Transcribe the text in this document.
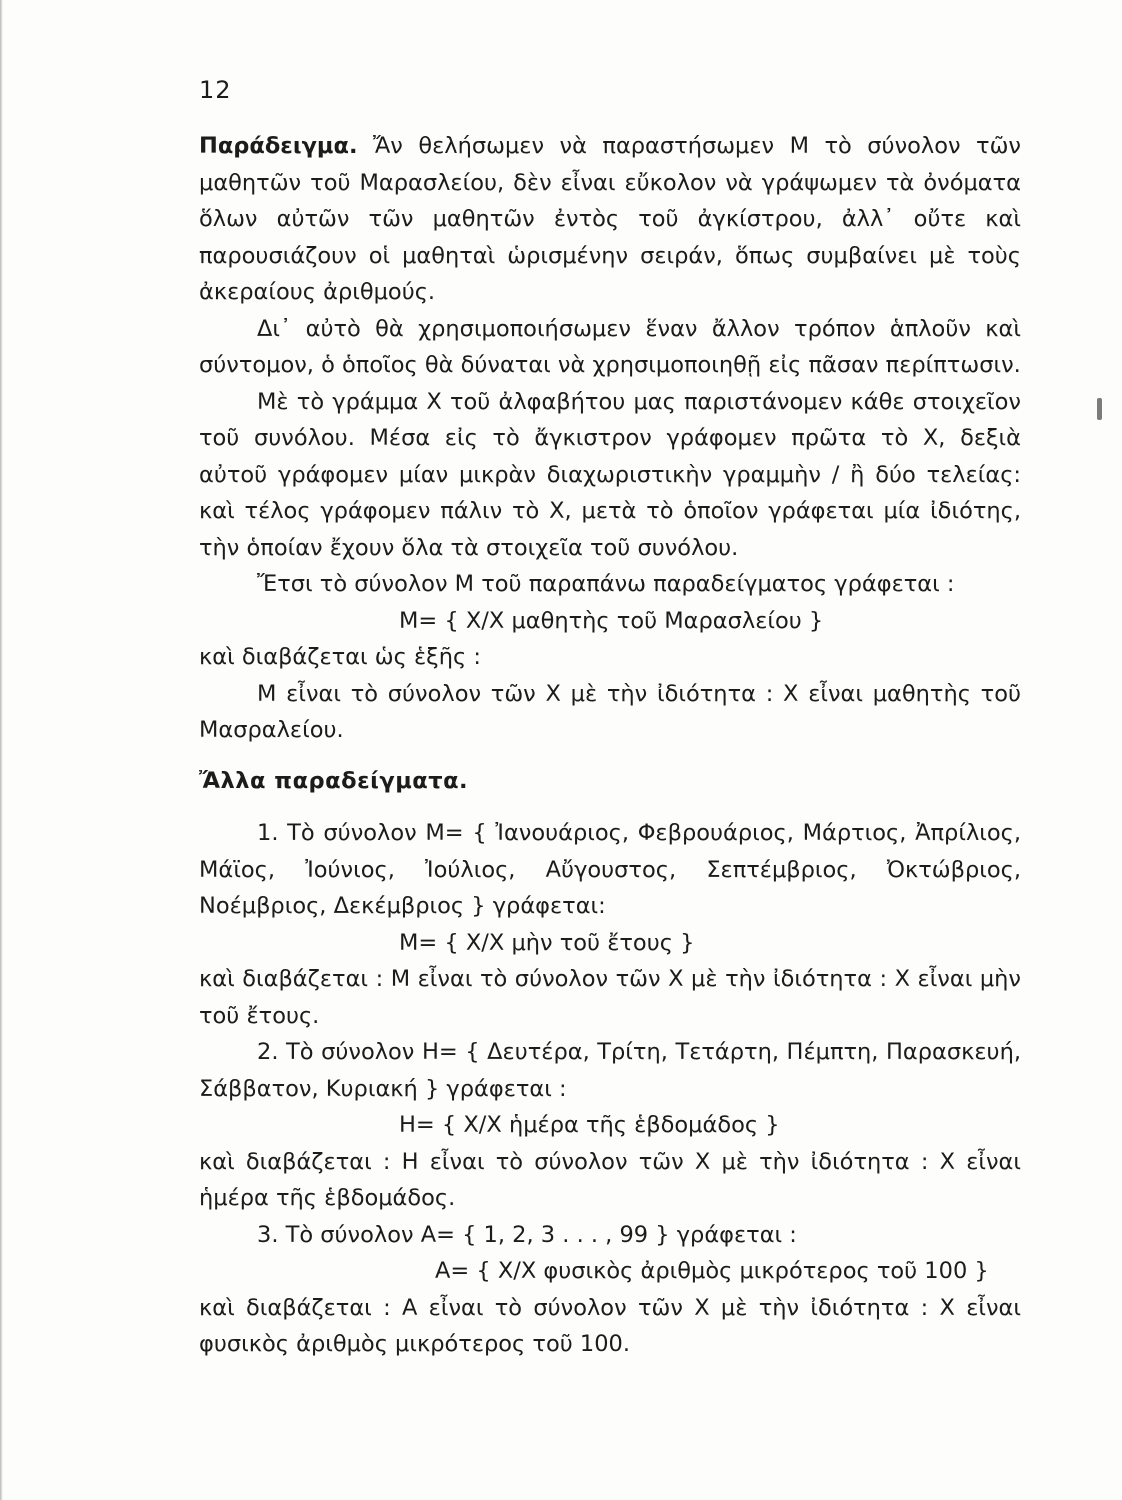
12

Παράδειγμα. Ἄν θελήσωμεν νὰ παραστήσωμεν Μ τὸ σύνολον τῶν μαθητῶν τοῦ Μαρασλείου, δὲν εἶναι εὔκολον νὰ γράψωμεν τὰ ὀνόματα ὅλων αὐτῶν τῶν μαθητῶν ἐντὸς τοῦ ἀγκίστρου, ἀλλ᾿ οὔτε καὶ παρουσιάζουν οἱ μαθηταὶ ὡρισμένην σειράν, ὅπως συμβαίνει μὲ τοὺς ἀκεραίους ἀριθμούς.

Δι᾿ αὐτὸ θὰ χρησιμοποιήσωμεν ἕναν ἄλλον τρόπον ἁπλοῦν καὶ σύντομον, ὁ ὁποῖος θὰ δύναται νὰ χρησιμοποιηθῇ εἰς πᾶσαν περίπτωσιν.

Μὲ τὸ γράμμα Χ τοῦ ἀλφαβήτου μας παριστάνομεν κάθε στοιχεῖον τοῦ συνόλου. Μέσα εἰς τὸ ἄγκιστρον γράφομεν πρῶτα τὸ Χ, δεξιὰ αὐτοῦ γράφομεν μίαν μικρὰν διαχωριστικὴν γραμμὴν / ἢ δύο τελείας: καὶ τέλος γράφομεν πάλιν τὸ Χ, μετὰ τὸ ὁποῖον γράφεται μία ἰδιότης, τὴν ὁποίαν ἔχουν ὅλα τὰ στοιχεῖα τοῦ συνόλου.

Ἔτσι τὸ σύνολον Μ τοῦ παραπάνω παραδείγματος γράφεται :

Μ= { Χ/Χ μαθητὴς τοῦ Μαρασλείου }

καὶ διαβάζεται ὡς ἑξῆς :

Μ εἶναι τὸ σύνολον τῶν Χ μὲ τὴν ἰδιότητα : Χ εἶναι μαθητὴς τοῦ Μασραλείου.

Ἄλλα παραδείγματα.

1. Τὸ σύνολον Μ= { Ἰανουάριος, Φεβρουάριος, Μάρτιος, Ἀπρίλιος, Μάϊος, Ἰούνιος, Ἰούλιος, Αὔγουστος, Σεπτέμβριος, Ὀκτώβριος, Νοέμβριος, Δεκέμβριος } γράφεται:

Μ= { Χ/Χ μὴν τοῦ ἔτους }

καὶ διαβάζεται : Μ εἶναι τὸ σύνολον τῶν Χ μὲ τὴν ἰδιότητα : Χ εἶναι μὴν τοῦ ἔτους.

2. Τὸ σύνολον Η= { Δευτέρα, Τρίτη, Τετάρτη, Πέμπτη, Παρασκευή, Σάββατον, Κυριακή } γράφεται :

Η= { Χ/Χ ἡμέρα τῆς ἑβδομάδος }

καὶ διαβάζεται : Η εἶναι τὸ σύνολον τῶν Χ μὲ τὴν ἰδιότητα : Χ εἶναι ἡμέρα τῆς ἑβδομάδος.

3. Τὸ σύνολον Α= { 1, 2, 3 . . . , 99 } γράφεται :

Α= { Χ/Χ φυσικὸς ἀριθμὸς μικρότερος τοῦ 100 }

καὶ διαβάζεται : Α εἶναι τὸ σύνολον τῶν Χ μὲ τὴν ἰδιότητα : Χ εἶναι φυσικὸς ἀριθμὸς μικρότερος τοῦ 100.
